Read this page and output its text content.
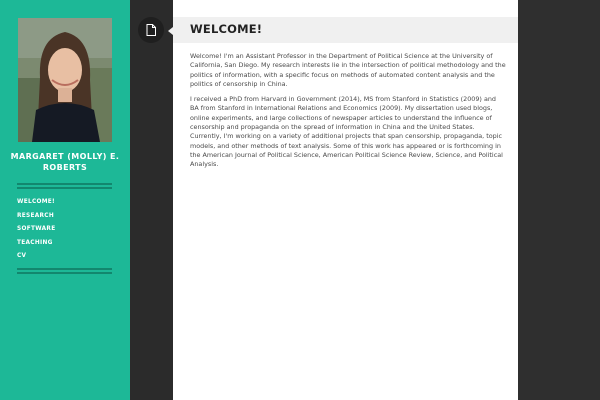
MARGARET (MOLLY) E. ROBERTS
WELCOME!
RESEARCH
SOFTWARE
TEACHING
CV
WELCOME!

Welcome! I'm an Assistant Professor in the Department of Political Science at the University of California, San Diego. My research interests lie in the intersection of political methodology and the politics of information, with a specific focus on methods of automated content analysis and the politics of censorship in China.

I received a PhD from Harvard in Government (2014), MS from Stanford in Statistics (2009) and BA from Stanford in International Relations and Economics (2009). My dissertation used blogs, online experiments, and large collections of newspaper articles to understand the influence of censorship and propaganda on the spread of information in China and the United States. Currently, I'm working on a variety of additional projects that span censorship, propaganda, topic models, and other methods of text analysis. Some of this work has appeared or is forthcoming in the American Journal of Political Science, American Political Science Review, Science, and Political Analysis.
